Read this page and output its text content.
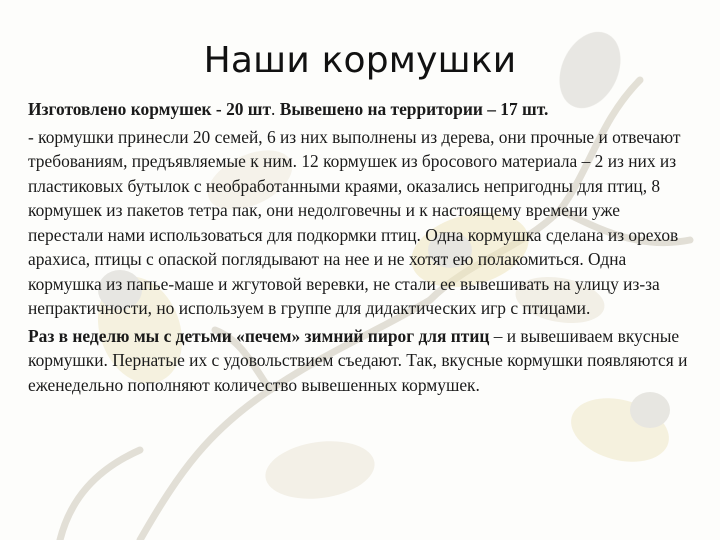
Наши кормушки

Изготовлено кормушек - 20 шт. Вывешено на территории – 17 шт.

- кормушки принесли 20 семей, 6 из них выполнены из дерева, они прочные и отвечают требованиям, предъявляемые к ним. 12 кормушек из бросового материала – 2 из них из пластиковых бутылок с необработанными краями, оказались непригодны для птиц, 8 кормушек из пакетов тетра пак, они недолговечны и к настоящему времени уже перестали нами использоваться для подкормки птиц. Одна кормушка сделана из орехов арахиса, птицы с опаской поглядывают на нее и не хотят ею полакомиться. Одна кормушка из папье-маше и жгутовой веревки, не стали ее вывешивать на улицу из-за непрактичности, но используем в группе для дидактических игр с птицами.

Раз в неделю мы с детьми «печем» зимний пирог для птиц – и вывешиваем вкусные кормушки. Пернатые их с удовольствием съедают. Так, вкусные кормушки появляются и еженедельно пополняют количество вывешенных кормушек.
